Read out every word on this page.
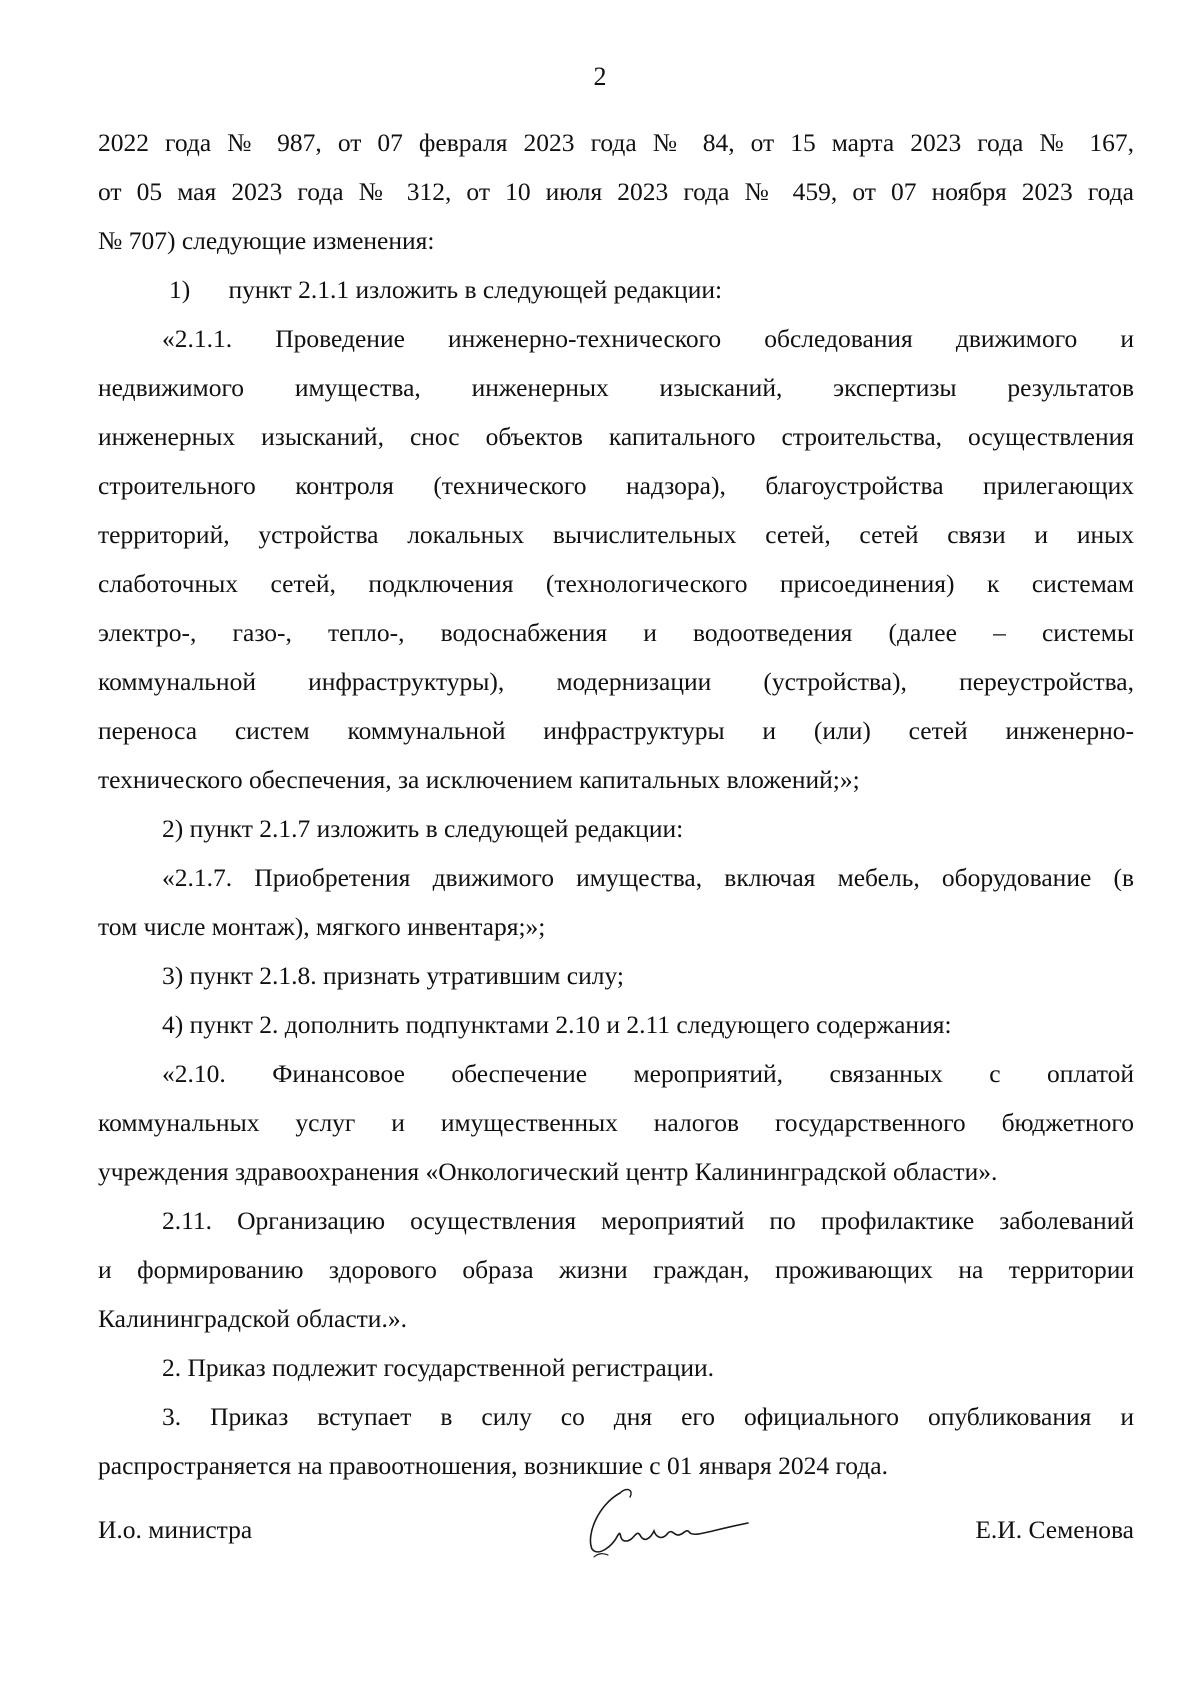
2

2022 года № 987, от 07 февраля 2023 года № 84, от 15 марта 2023 года № 167,

от 05 мая 2023 года № 312, от 10 июля 2023 года № 459, от 07 ноября 2023 года

№ 707) следующие изменения:

1)      пункт 2.1.1 изложить в следующей редакции:

«2.1.1. Проведение инженерно-технического обследования движимого и

недвижимого имущества, инженерных изысканий, экспертизы результатов

инженерных изысканий, снос объектов капитального строительства, осуществления

строительного контроля (технического надзора), благоустройства прилегающих

территорий, устройства локальных вычислительных сетей, сетей связи и иных

слаботочных сетей, подключения (технологического присоединения) к системам

электро-, газо-, тепло-, водоснабжения и водоотведения (далее – системы

коммунальной инфраструктуры), модернизации (устройства), переустройства,

переноса систем коммунальной инфраструктуры и (или) сетей инженерно-

технического обеспечения, за исключением капитальных вложений;»;

2) пункт 2.1.7 изложить в следующей редакции:

«2.1.7. Приобретения движимого имущества, включая мебель, оборудование (в

том числе монтаж), мягкого инвентаря;»;

3) пункт 2.1.8. признать утратившим силу;

4) пункт 2. дополнить подпунктами 2.10 и 2.11 следующего содержания:

«2.10. Финансовое обеспечение мероприятий, связанных с оплатой

коммунальных услуг и имущественных налогов государственного бюджетного

учреждения здравоохранения «Онкологический центр Калининградской области».

2.11. Организацию осуществления мероприятий по профилактике заболеваний

и формированию здорового образа жизни граждан, проживающих на территории

Калининградской области.».

2. Приказ подлежит государственной регистрации.

3. Приказ вступает в силу со дня его официального опубликования и

распространяется на правоотношения, возникшие с 01 января 2024 года.

И.о. министра	Е.И. Семенова
